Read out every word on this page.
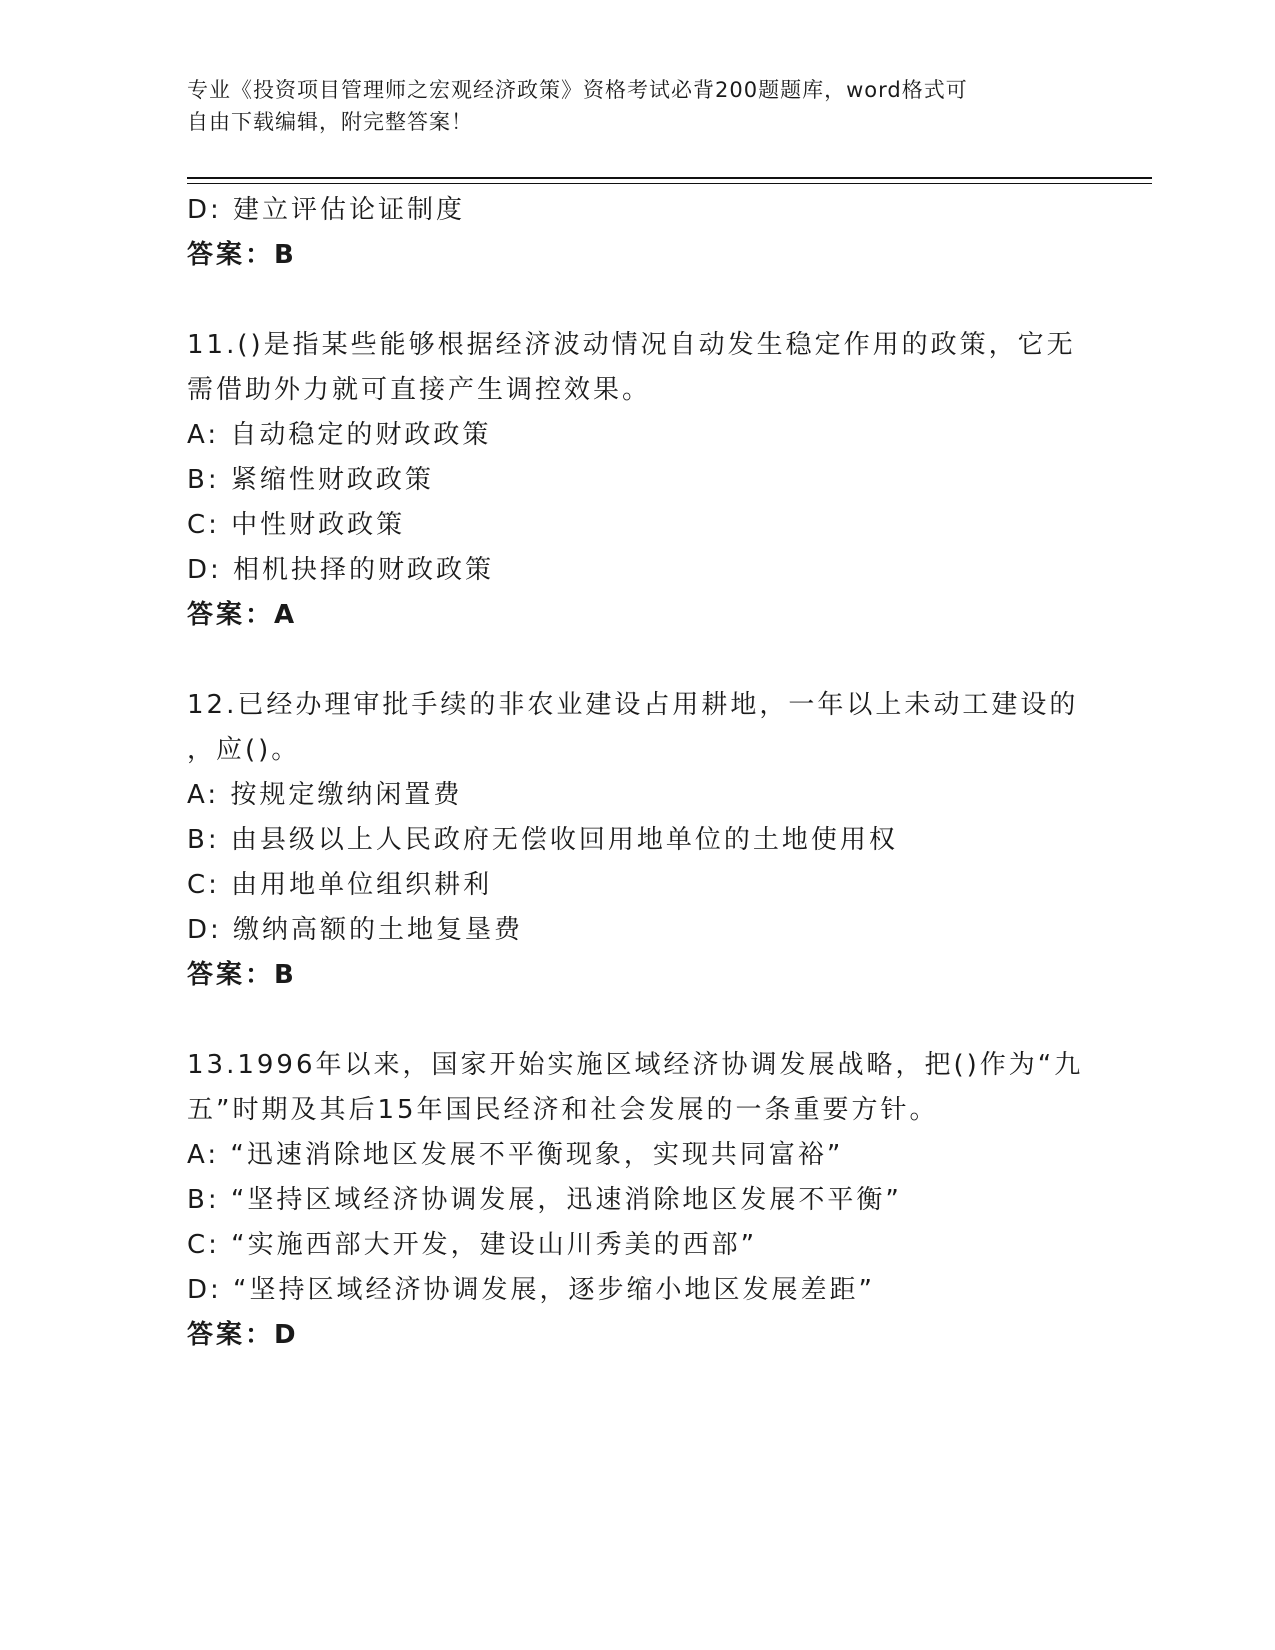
专业《投资项目管理师之宏观经济政策》资格考试必背200题题库，word格式可
自由下载编辑，附完整答案！
D: 建立评估论证制度
答案：B
11.()是指某些能够根据经济波动情况自动发生稳定作用的政策，它无
需借助外力就可直接产生调控效果。
A: 自动稳定的财政政策
B: 紧缩性财政政策
C: 中性财政政策
D: 相机抉择的财政政策
答案：A
12.已经办理审批手续的非农业建设占用耕地，一年以上未动工建设的
，应()。
A: 按规定缴纳闲置费
B: 由县级以上人民政府无偿收回用地单位的土地使用权
C: 由用地单位组织耕利
D: 缴纳高额的土地复垦费
答案：B
13.1996年以来，国家开始实施区域经济协调发展战略，把()作为“九
五”时期及其后15年国民经济和社会发展的一条重要方针。
A: “迅速消除地区发展不平衡现象，实现共同富裕”
B: “坚持区域经济协调发展，迅速消除地区发展不平衡”
C: “实施西部大开发，建设山川秀美的西部”
D: “坚持区域经济协调发展，逐步缩小地区发展差距”
答案：D
